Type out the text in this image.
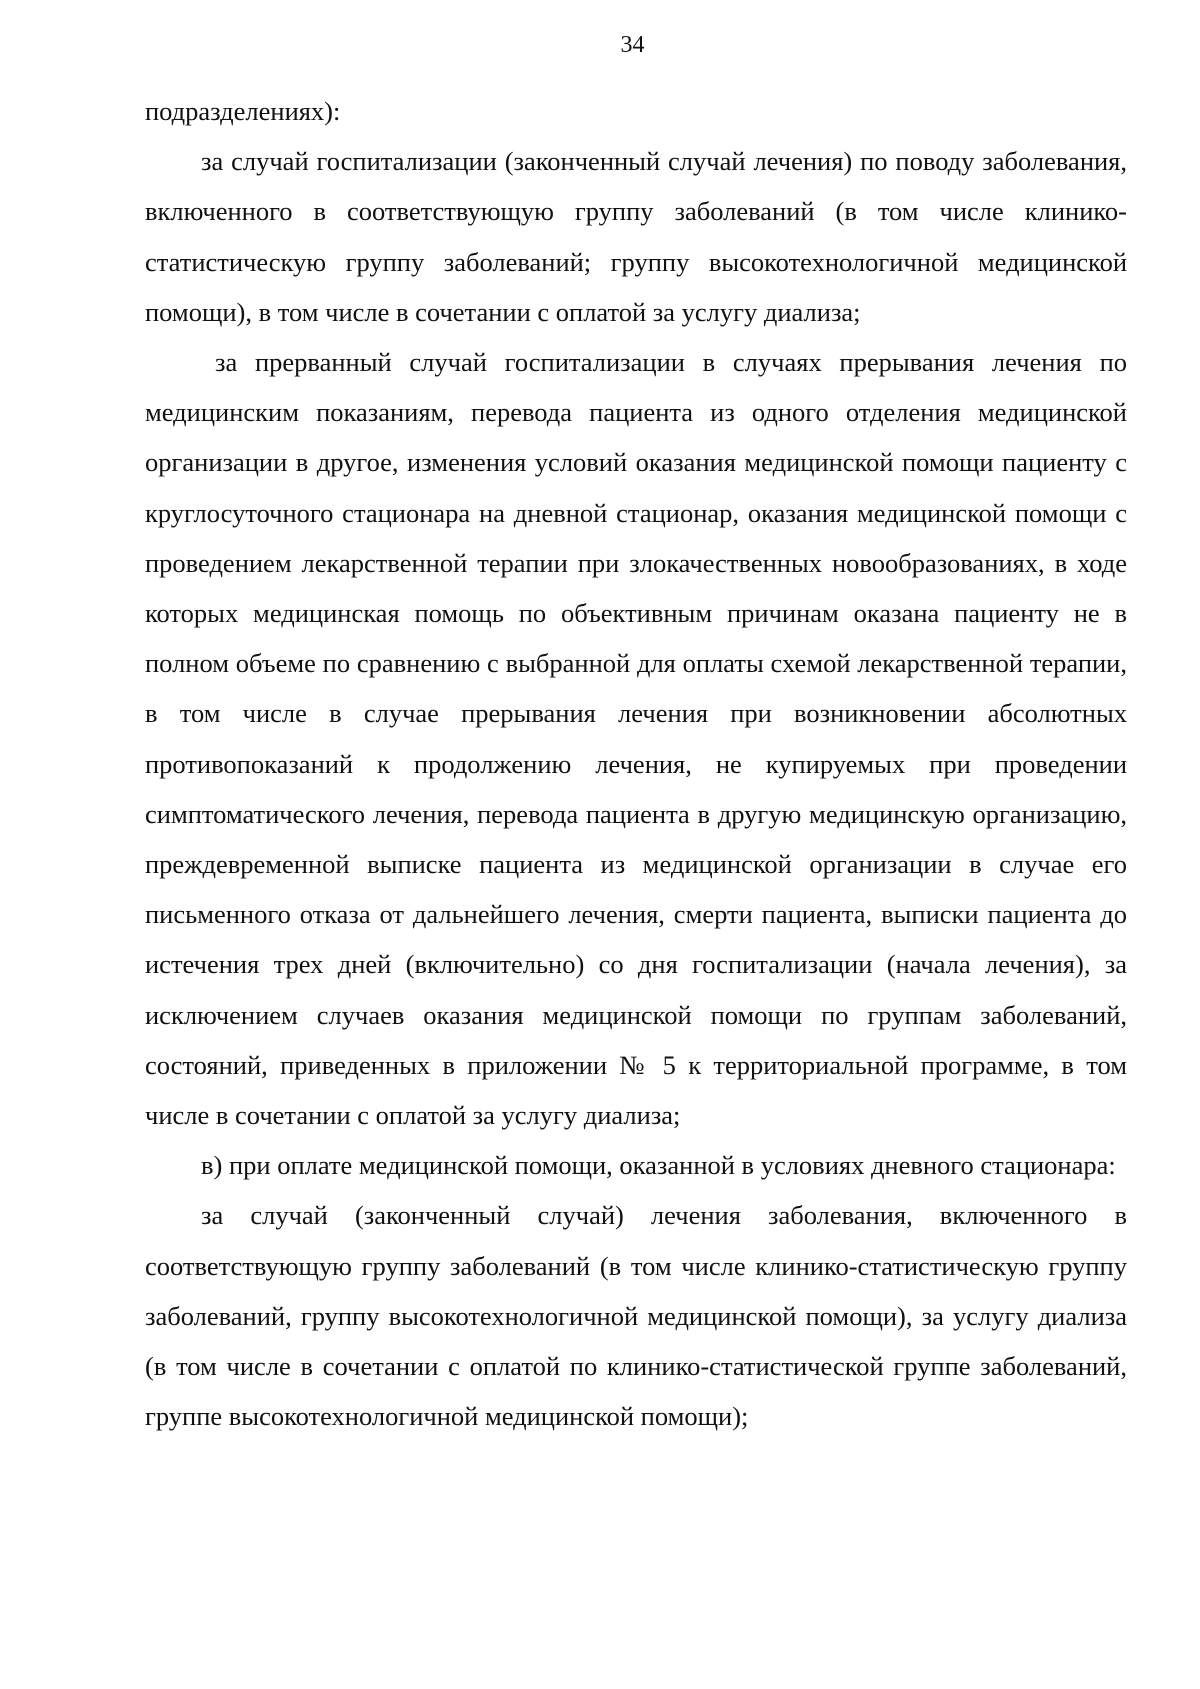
34

подразделениях):

за случай госпитализации (законченный случай лечения) по поводу заболевания, включенного в соответствующую группу заболеваний (в том числе клинико-статистическую группу заболеваний; группу высокотехнологичной медицинской помощи), в том числе в сочетании с оплатой за услугу диализа;

за прерванный случай госпитализации в случаях прерывания лечения по медицинским показаниям, перевода пациента из одного отделения медицинской организации в другое, изменения условий оказания медицинской помощи пациенту с круглосуточного стационара на дневной стационар, оказания медицинской помощи с проведением лекарственной терапии при злокачественных новообразованиях, в ходе которых медицинская помощь по объективным причинам оказана пациенту не в полном объеме по сравнению с выбранной для оплаты схемой лекарственной терапии, в том числе в случае прерывания лечения при возникновении абсолютных противопоказаний к продолжению лечения, не купируемых при проведении симптоматического лечения, перевода пациента в другую медицинскую организацию, преждевременной выписке пациента из медицинской организации в случае его письменного отказа от дальнейшего лечения, смерти пациента, выписки пациента до истечения трех дней (включительно) со дня госпитализации (начала лечения), за исключением случаев оказания медицинской помощи по группам заболеваний, состояний, приведенных в приложении № 5 к территориальной программе, в том числе в сочетании с оплатой за услугу диализа;

в) при оплате медицинской помощи, оказанной в условиях дневного стационара:

за случай (законченный случай) лечения заболевания, включенного в соответствующую группу заболеваний (в том числе клинико-статистическую группу заболеваний, группу высокотехнологичной медицинской помощи), за услугу диализа (в том числе в сочетании с оплатой по клинико-статистической группе заболеваний, группе высокотехнологичной медицинской помощи);
